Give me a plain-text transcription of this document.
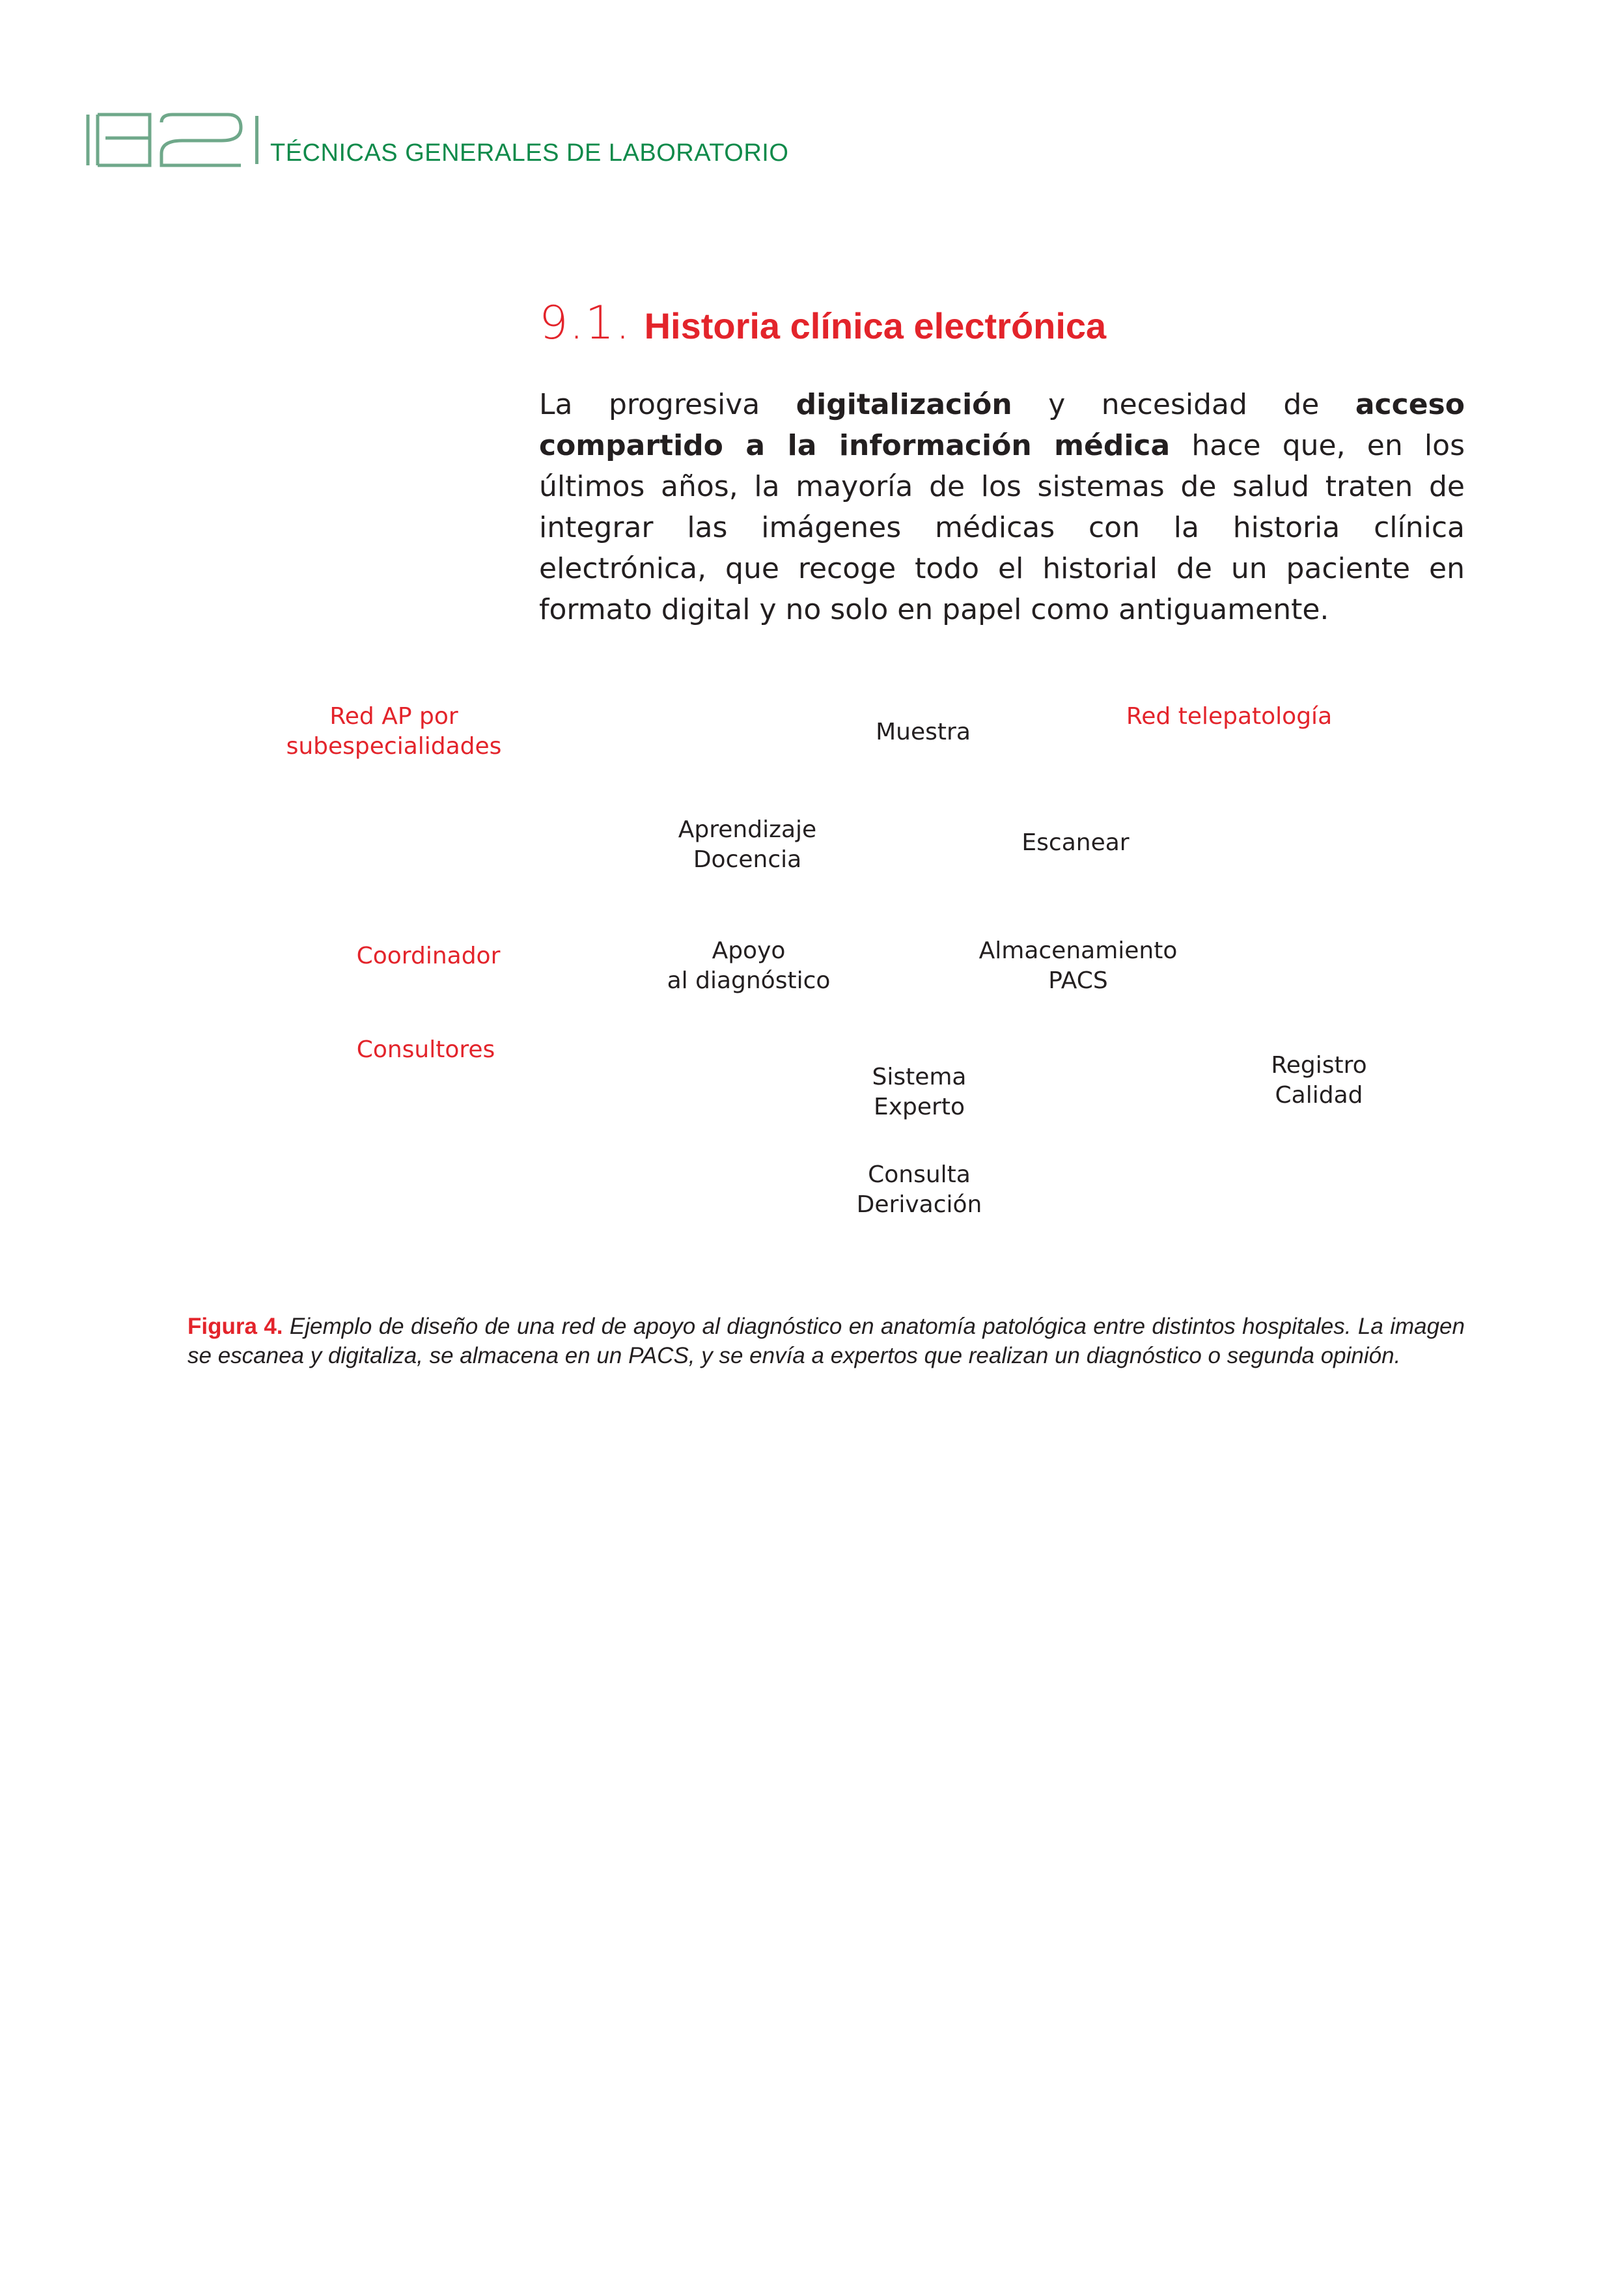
TÉCNICAS GENERALES DE LABORATORIO
9.1. Historia clínica electrónica

La progresiva digitalización y necesidad de acceso compartido a la información médica hace que, en los últimos años, la mayoría de los sistemas de salud traten de integrar las imágenes médicas con la historia clínica electrónica, que recoge todo el historial de un paciente en formato digital y no solo en papel como antiguamente.

Red AP por
subespecialidades
Muestra
Red telepatología
Aprendizaje
Docencia
Escanear
Coordinador	Apoyo
al diagnóstico
Almacenamiento
PACS
Consultores
Sistema
Experto
Registro
Calidad
Consulta
Derivación

Figura 4. Ejemplo de diseño de una red de apoyo al diagnóstico en anatomía patológica entre distintos hospitales. La imagen se escanea y digitaliza, se almacena en un PACS, y se envía a expertos que realizan un diagnóstico o segunda opinión.
